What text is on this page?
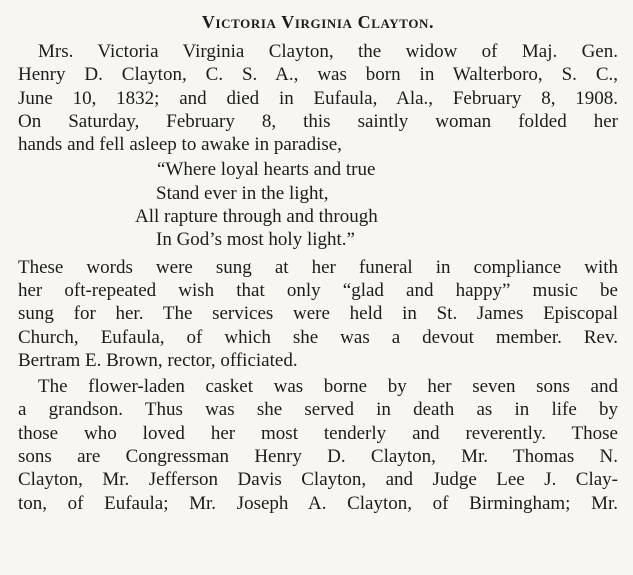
Victoria Virginia Clayton.

Mrs. Victoria Virginia Clayton, the widow of Maj. Gen.
Henry D. Clayton, C. S. A., was born in Walterboro, S. C.,
June 10, 1832; and died in Eufaula, Ala., February 8, 1908.
On Saturday, February 8, this saintly woman folded her
hands and fell asleep to awake in paradise,

“Where loyal hearts and true
Stand ever in the light,
All rapture through and through
In God’s most holy light.”

These words were sung at her funeral in compliance with
her oft-repeated wish that only “glad and happy” music be
sung for her. The services were held in St. James Episcopal
Church, Eufaula, of which she was a devout member. Rev.
Bertram E. Brown, rector, officiated.

The flower-laden casket was borne by her seven sons and
a grandson. Thus was she served in death as in life by
those who loved her most tenderly and reverently. Those
sons are Congressman Henry D. Clayton, Mr. Thomas N.
Clayton, Mr. Jefferson Davis Clayton, and Judge Lee J. Clay-
ton, of Eufaula; Mr. Joseph A. Clayton, of Birmingham; Mr.
